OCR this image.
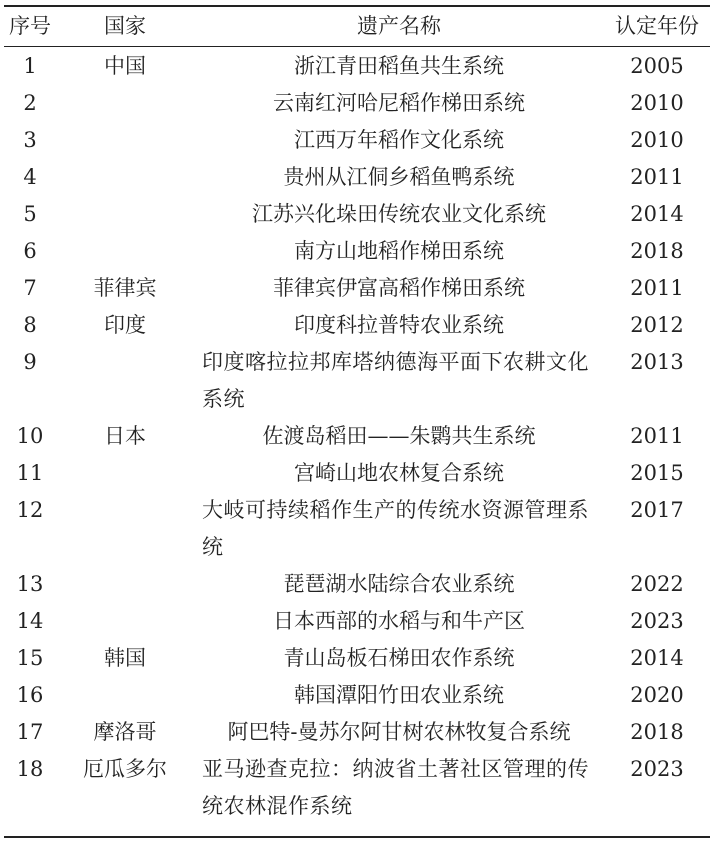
序号	国家	遗产名称	认定年份
1	中国	浙江青田稻鱼共生系统	2005
2		云南红河哈尼稻作梯田系统	2010
3		江西万年稻作文化系统	2010
4		贵州从江侗乡稻鱼鸭系统	2011
5		江苏兴化垛田传统农业文化系统	2014
6		南方山地稻作梯田系统	2018
7	菲律宾	菲律宾伊富高稻作梯田系统	2011
8	印度	印度科拉普特农业系统	2012
9		印度喀拉拉邦库塔纳德海平面下农耕文化系统	2013
10	日本	佐渡岛稻田——朱鹮共生系统	2011
11		宫崎山地农林复合系统	2015
12		大岐可持续稻作生产的传统水资源管理系统	2017
13		琵琶湖水陆综合农业系统	2022
14		日本西部的水稻与和牛产区	2023
15	韩国	青山岛板石梯田农作系统	2014
16		韩国潭阳竹田农业系统	2020
17	摩洛哥	阿巴特-曼苏尔阿甘树农林牧复合系统	2018
18	厄瓜多尔	亚马逊查克拉：纳波省土著社区管理的传统农林混作系统	2023
